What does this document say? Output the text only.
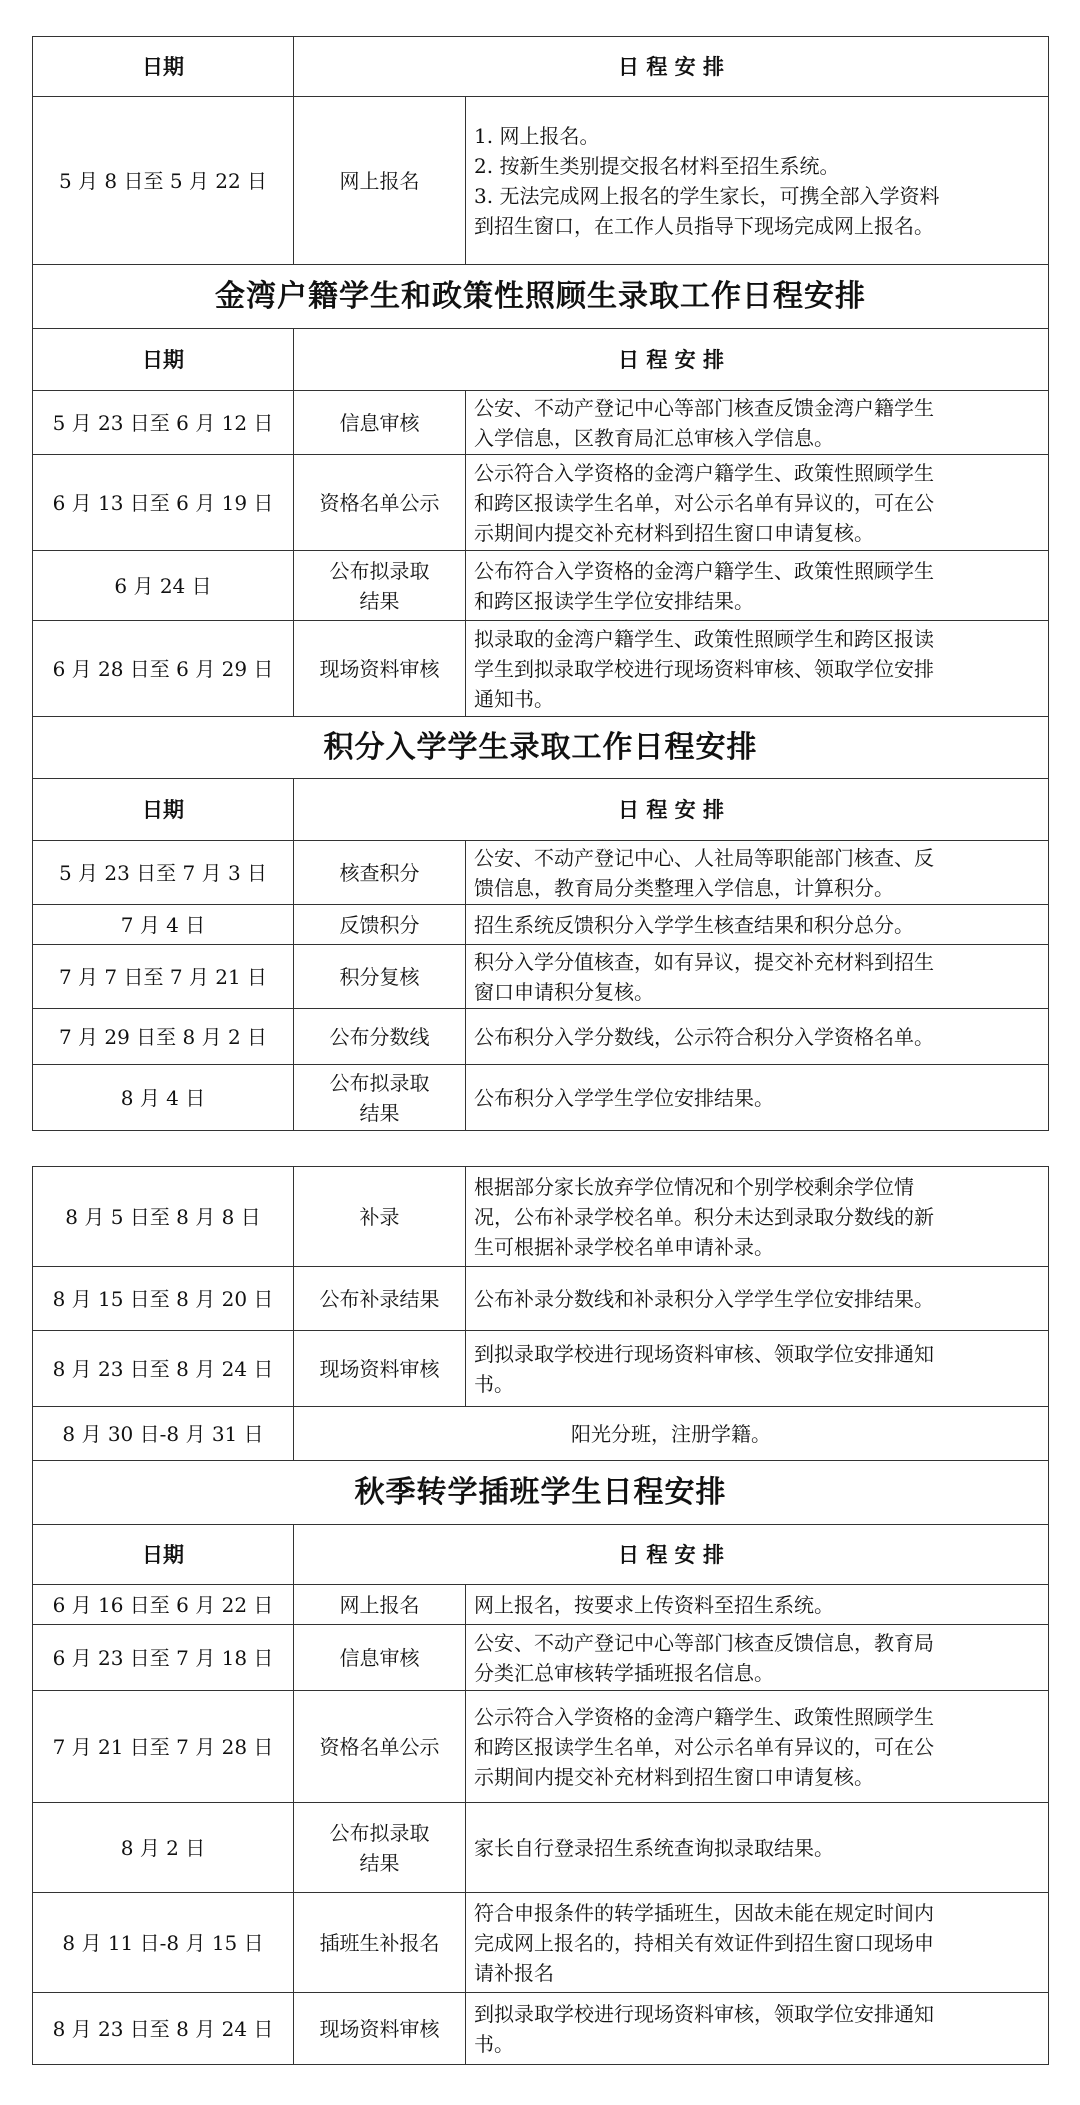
日期	日 程 安 排	
5 月 8 日至 5 月 22 日	网上报名	1. 网上报名。
2. 按新生类别提交报名材料至招生系统。
3. 无法完成网上报名的学生家长，可携全部入学资料
到招生窗口，在工作人员指导下现场完成网上报名。

金湾户籍学生和政策性照顾生录取工作日程安排		
日期	日 程 安 排	
5 月 23 日至 6 月 12 日	信息审核	公安、不动产登记中心等部门核查反馈金湾户籍学生
入学信息，区教育局汇总审核入学信息。

6 月 13 日至 6 月 19 日	资格名单公示	公示符合入学资格的金湾户籍学生、政策性照顾学生
和跨区报读学生名单，对公示名单有异议的，可在公
示期间内提交补充材料到招生窗口申请复核。

6 月 24 日	公布拟录取
结果	公布符合入学资格的金湾户籍学生、政策性照顾学生
和跨区报读学生学位安排结果。

6 月 28 日至 6 月 29 日	现场资料审核	拟录取的金湾户籍学生、政策性照顾学生和跨区报读
学生到拟录取学校进行现场资料审核、领取学位安排
通知书。

积分入学学生录取工作日程安排		
日期	日 程 安 排	
5 月 23 日至 7 月 3 日	核查积分	公安、不动产登记中心、人社局等职能部门核查、反
馈信息，教育局分类整理入学信息，计算积分。

7 月 4 日	反馈积分	招生系统反馈积分入学学生核查结果和积分总分。

7 月 7 日至 7 月 21 日	积分复核	积分入学分值核查，如有异议，提交补充材料到招生
窗口申请积分复核。

7 月 29 日至 8 月 2 日	公布分数线	公布积分入学分数线，公示符合积分入学资格名单。

8 月 4 日	公布拟录取
结果	公布积分入学学生学位安排结果。
8 月 5 日至 8 月 8 日	补录	根据部分家长放弃学位情况和个别学校剩余学位情
况，公布补录学校名单。积分未达到录取分数线的新
生可根据补录学校名单申请补录。

8 月 15 日至 8 月 20 日	公布补录结果	公布补录分数线和补录积分入学学生学位安排结果。

8 月 23 日至 8 月 24 日	现场资料审核	到拟录取学校进行现场资料审核、领取学位安排通知
书。

8 月 30 日-8 月 31 日	阳光分班，注册学籍。	
秋季转学插班学生日程安排		
日期	日 程 安 排	
6 月 16 日至 6 月 22 日	网上报名	网上报名，按要求上传资料至招生系统。

6 月 23 日至 7 月 18 日	信息审核	公安、不动产登记中心等部门核查反馈信息，教育局
分类汇总审核转学插班报名信息。

7 月 21 日至 7 月 28 日	资格名单公示	公示符合入学资格的金湾户籍学生、政策性照顾学生
和跨区报读学生名单，对公示名单有异议的，可在公
示期间内提交补充材料到招生窗口申请复核。

8 月 2 日	公布拟录取
结果	家长自行登录招生系统查询拟录取结果。

8 月 11 日-8 月 15 日	插班生补报名	符合申报条件的转学插班生，因故未能在规定时间内
完成网上报名的，持相关有效证件到招生窗口现场申
请补报名

8 月 23 日至 8 月 24 日	现场资料审核	到拟录取学校进行现场资料审核，领取学位安排通知
书。
